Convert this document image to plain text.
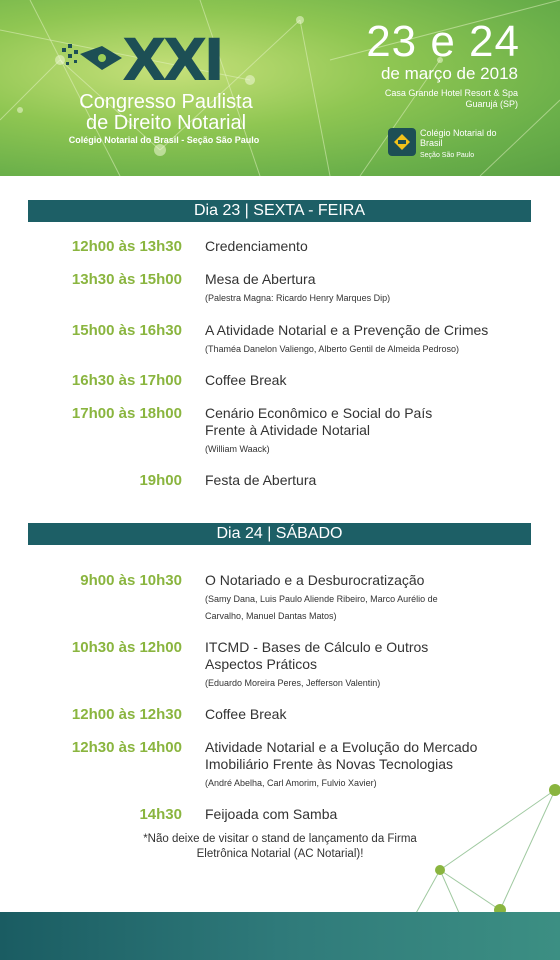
XXI
Congresso Paulista de Direito Notarial
Colégio Notarial do Brasil - Seção São Paulo
23 e 24
de março de 2018
Casa Grande Hotel Resort & Spa
Guarujá (SP)
Colégio Notarial do Brasil
Seção São Paulo
Dia 23 | SEXTA - FEIRA
12h00 às 13h30 Credenciamento
13h30 às 15h00 Mesa de Abertura
(Palestra Magna: Ricardo Henry Marques Dip)
15h00 às 16h30 A Atividade Notarial e a Prevenção de Crimes
(Thaméa Danelon Valiengo, Alberto Gentil de Almeida Pedroso)
16h30 às 17h00 Coffee Break
17h00 às 18h00 Cenário Econômico e Social do País Frente à Atividade Notarial
(William Waack)
19h00 Festa de Abertura
Dia 24 | SÁBADO
9h00 às 10h30 O Notariado e a Desburocratização
(Samy Dana, Luis Paulo Aliende Ribeiro, Marco Aurélio de Carvalho, Manuel Dantas Matos)
10h30 às 12h00 ITCMD - Bases de Cálculo e Outros Aspectos Práticos
(Eduardo Moreira Peres, Jefferson Valentin)
12h00 às 12h30 Coffee Break
12h30 às 14h00 Atividade Notarial e a Evolução do Mercado Imobiliário Frente às Novas Tecnologias
(André Abelha, Carl Amorim, Fulvio Xavier)
14h30 Feijoada com Samba
*Não deixe de visitar o stand de lançamento da Firma Eletrônica Notarial (AC Notarial)!
